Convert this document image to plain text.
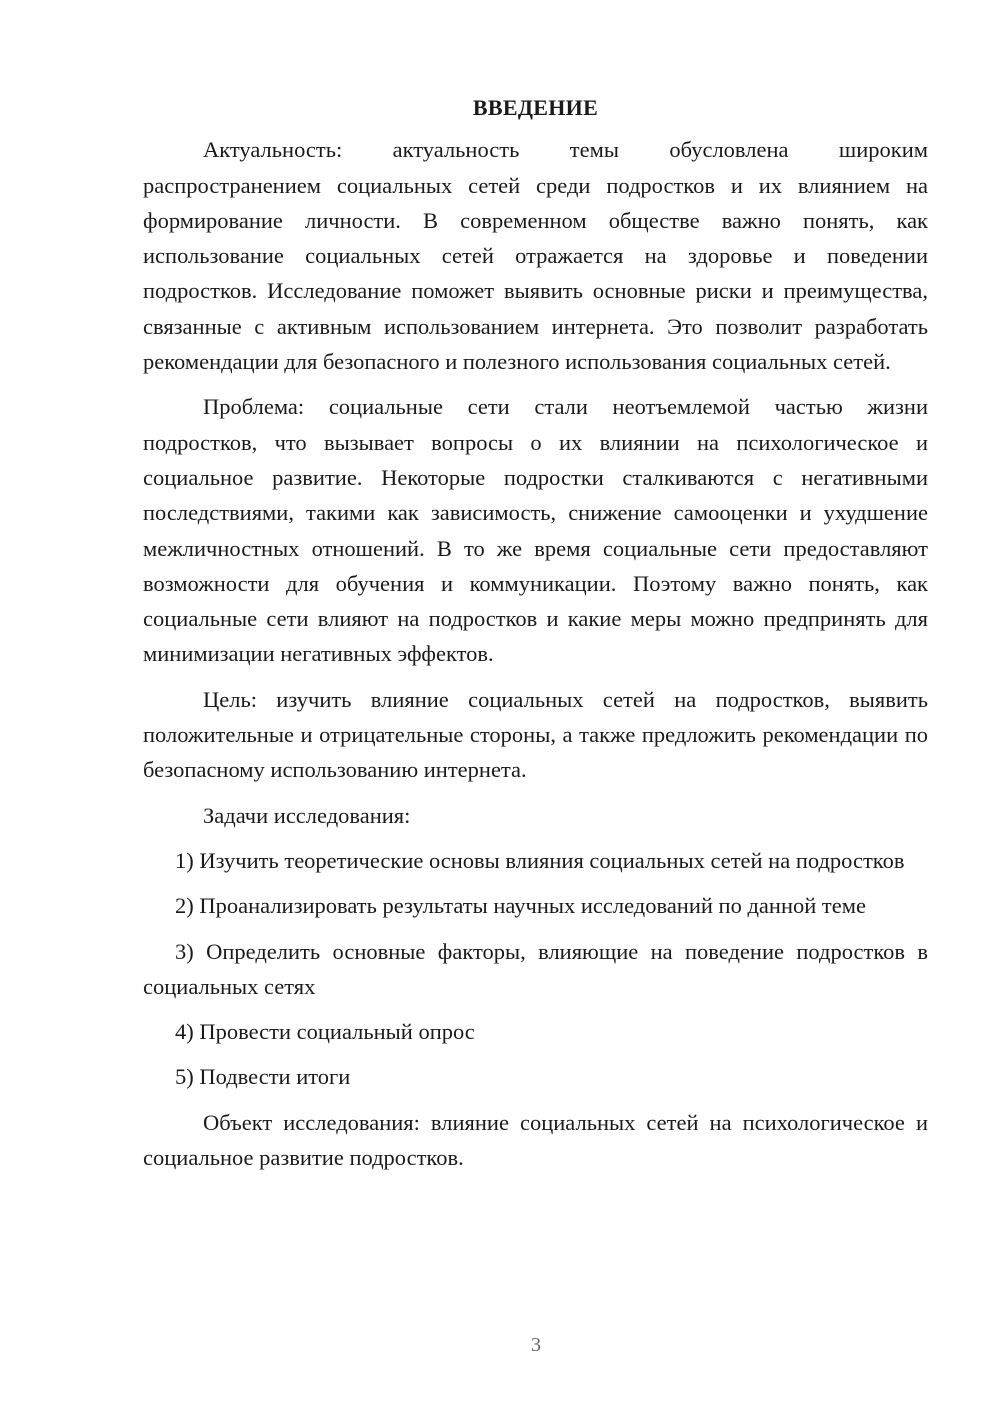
ВВЕДЕНИЕ

Актуальность: актуальность темы обусловлена широким распространением социальных сетей среди подростков и их влиянием на формирование личности. В современном обществе важно понять, как использование социальных сетей отражается на здоровье и поведении подростков. Исследование поможет выявить основные риски и преимущества, связанные с активным использованием интернета. Это позволит разработать рекомендации для безопасного и полезного использования социальных сетей.

Проблема: социальные сети стали неотъемлемой частью жизни подростков, что вызывает вопросы о их влиянии на психологическое и социальное развитие. Некоторые подростки сталкиваются с негативными последствиями, такими как зависимость, снижение самооценки и ухудшение межличностных отношений. В то же время социальные сети предоставляют возможности для обучения и коммуникации. Поэтому важно понять, как социальные сети влияют на подростков и какие меры можно предпринять для минимизации негативных эффектов.

Цель: изучить влияние социальных сетей на подростков, выявить положительные и отрицательные стороны, а также предложить рекомендации по безопасному использованию интернета.

Задачи исследования:

1) Изучить теоретические основы влияния социальных сетей на подростков

2) Проанализировать результаты научных исследований по данной теме

3) Определить основные факторы, влияющие на поведение подростков в социальных сетях

4) Провести социальный опрос

5) Подвести итоги

Объект исследования: влияние социальных сетей на психологическое и социальное развитие подростков.

3
